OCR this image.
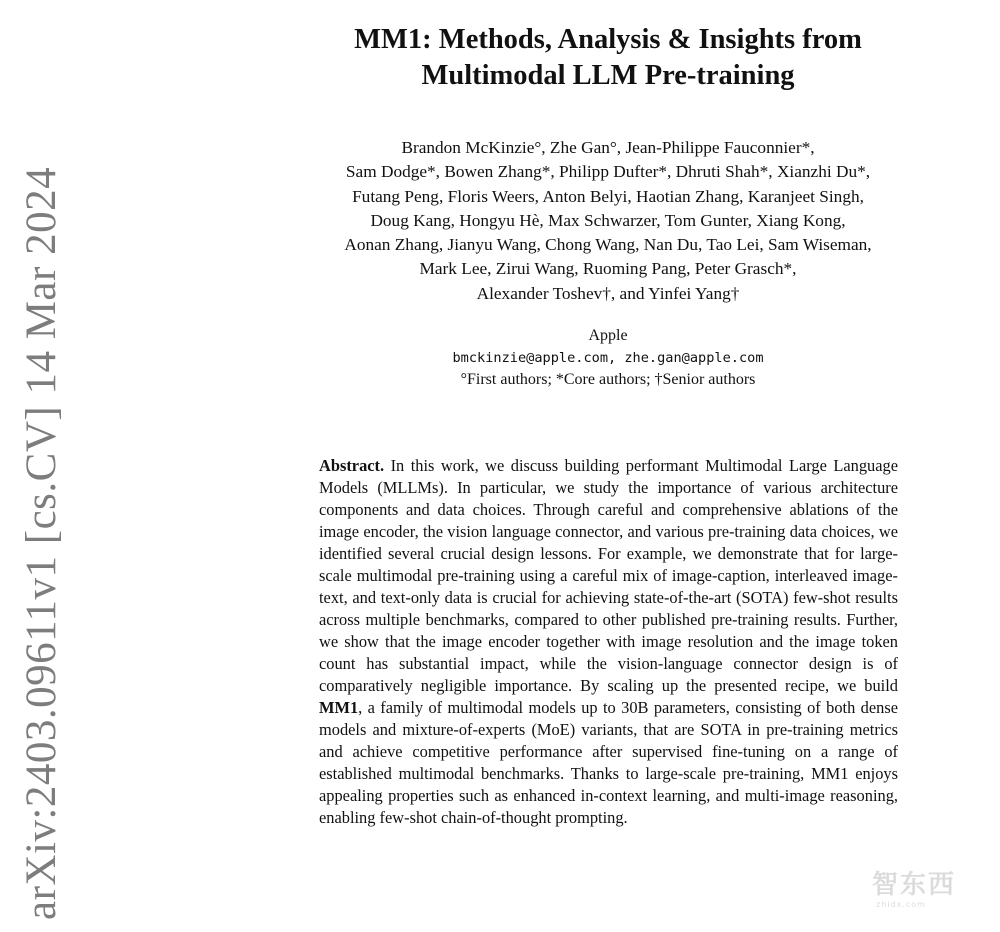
arXiv:2403.09611v1 [cs.CV] 14 Mar 2024
MM1: Methods, Analysis & Insights from
Multimodal LLM Pre-training
Brandon McKinzie°, Zhe Gan°, Jean-Philippe Fauconnier*,
Sam Dodge*, Bowen Zhang*, Philipp Dufter*, Dhruti Shah*, Xianzhi Du*,
Futang Peng, Floris Weers, Anton Belyi, Haotian Zhang, Karanjeet Singh,
Doug Kang, Hongyu Hè, Max Schwarzer, Tom Gunter, Xiang Kong,
Aonan Zhang, Jianyu Wang, Chong Wang, Nan Du, Tao Lei, Sam Wiseman,
Mark Lee, Zirui Wang, Ruoming Pang, Peter Grasch*,
Alexander Toshev†, and Yinfei Yang†
Apple
bmckinzie@apple.com, zhe.gan@apple.com
°First authors; *Core authors; †Senior authors
Abstract. In this work, we discuss building performant Multimodal Large Language Models (MLLMs). In particular, we study the importance of various architecture components and data choices. Through careful and comprehensive ablations of the image encoder, the vision language connector, and various pre-training data choices, we identified several crucial design lessons. For example, we demonstrate that for large-scale multimodal pre-training using a careful mix of image-caption, interleaved image-text, and text-only data is crucial for achieving state-of-the-art (SOTA) few-shot results across multiple benchmarks, compared to other published pre-training results. Further, we show that the image encoder together with image resolution and the image token count has substantial impact, while the vision-language connector design is of comparatively negligible importance. By scaling up the presented recipe, we build MM1, a family of multimodal models up to 30B parameters, consisting of both dense models and mixture-of-experts (MoE) variants, that are SOTA in pre-training metrics and achieve competitive performance after supervised fine-tuning on a range of established multimodal benchmarks. Thanks to large-scale pre-training, MM1 enjoys appealing properties such as enhanced in-context learning, and multi-image reasoning, enabling few-shot chain-of-thought prompting.
智东西
zhidx.com
